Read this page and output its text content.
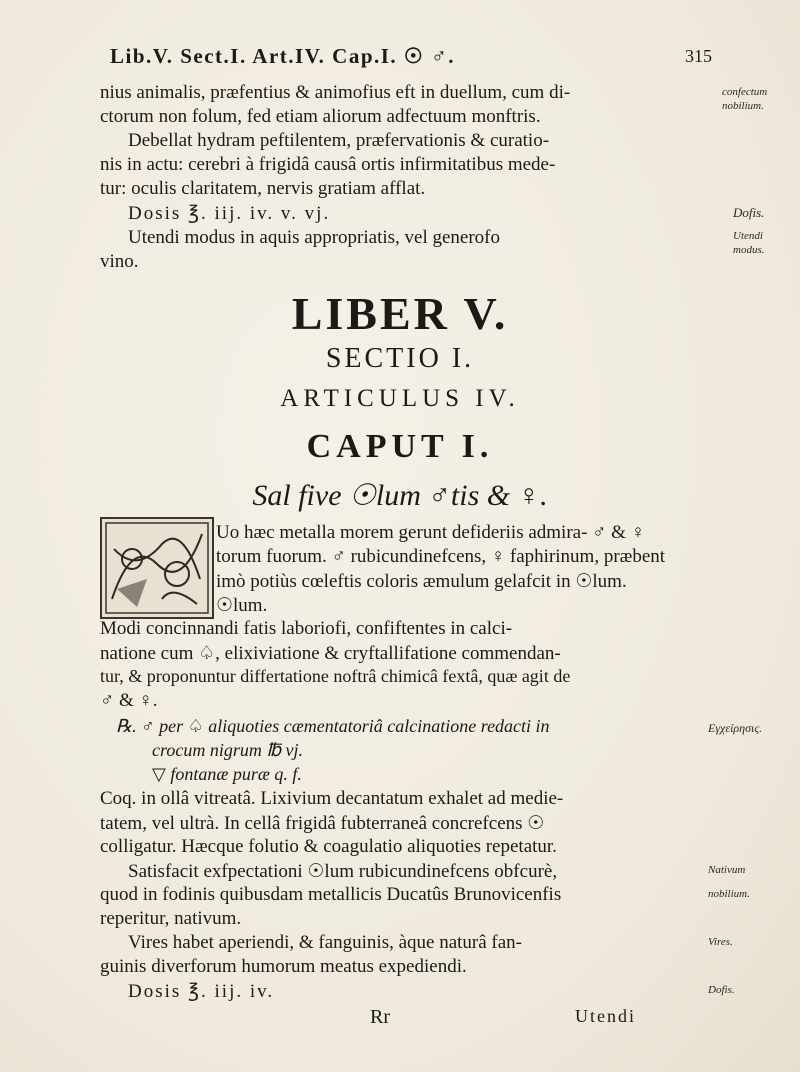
Lib.V. Sect.I. Art.IV. Cap.I. ☉ ♂.	315
nius animalis, præfentius & animofius eft in duellum, cum di-
ctorum non folum, fed etiam aliorum adfectuum monftris.
Debellat hydram peftilentem, præfervationis & curatio-
nis in actu: cerebri à frigidâ causâ ortis infirmitatibus mede-
tur: oculis claritatem, nervis gratiam afflat.
Dosis ℥. iij. iv. v. vj.
Utendi modus in aquis appropriatis, vel generofo
vino.
confectum
nobilium.
Dofis.
Utendi
modus.
LIBER V.
SECTIO I.
ARTICULUS IV.
CAPUT I.
Sal five ☉lum ♂tis & ♀.
Uo hæc metalla morem gerunt defideriis admira- ♂ & ♀
torum fuorum. ♂ rubicundinefcens, ♀ faphirinum, præbent
imò potiùs cœleftis coloris æmulum gelafcit in ☉lum.
☉lum.
Modi concinnandi fatis laboriofi, confiftentes in calci-
natione cum ♤, elixiviatione & cryftallifatione commendan-
tur, & proponuntur differtatione noftrâ chimicâ fextâ, quæ agit de
♂ & ♀.
℞. ♂ per ♤ aliquoties cæmentatoriâ calcinatione redacti in
crocum nigrum ℔ vj.
▽ fontanæ puræ q. f.
Coq. in ollâ vitreatâ. Lixivium decantatum exhalet ad medie-
tatem, vel ultrà. In cellâ frigidâ fubterraneâ concrefcens ☉
colligatur. Hæcque folutio & coagulatio aliquoties repetatur.
Satisfacit exfpectationi ☉lum rubicundinefcens obfcurè,
quod in fodinis quibusdam metallicis Ducatûs Brunovicenfis
reperitur, nativum.
Vires habet aperiendi, & fanguinis, àque naturâ fan-
guinis diverforum humorum meatus expediendi.
Dosis ℥. iij. iv.
Εγχείρησις.
Nativum
nobilium.
Vires.
Dofis.
Rr	Utendi
